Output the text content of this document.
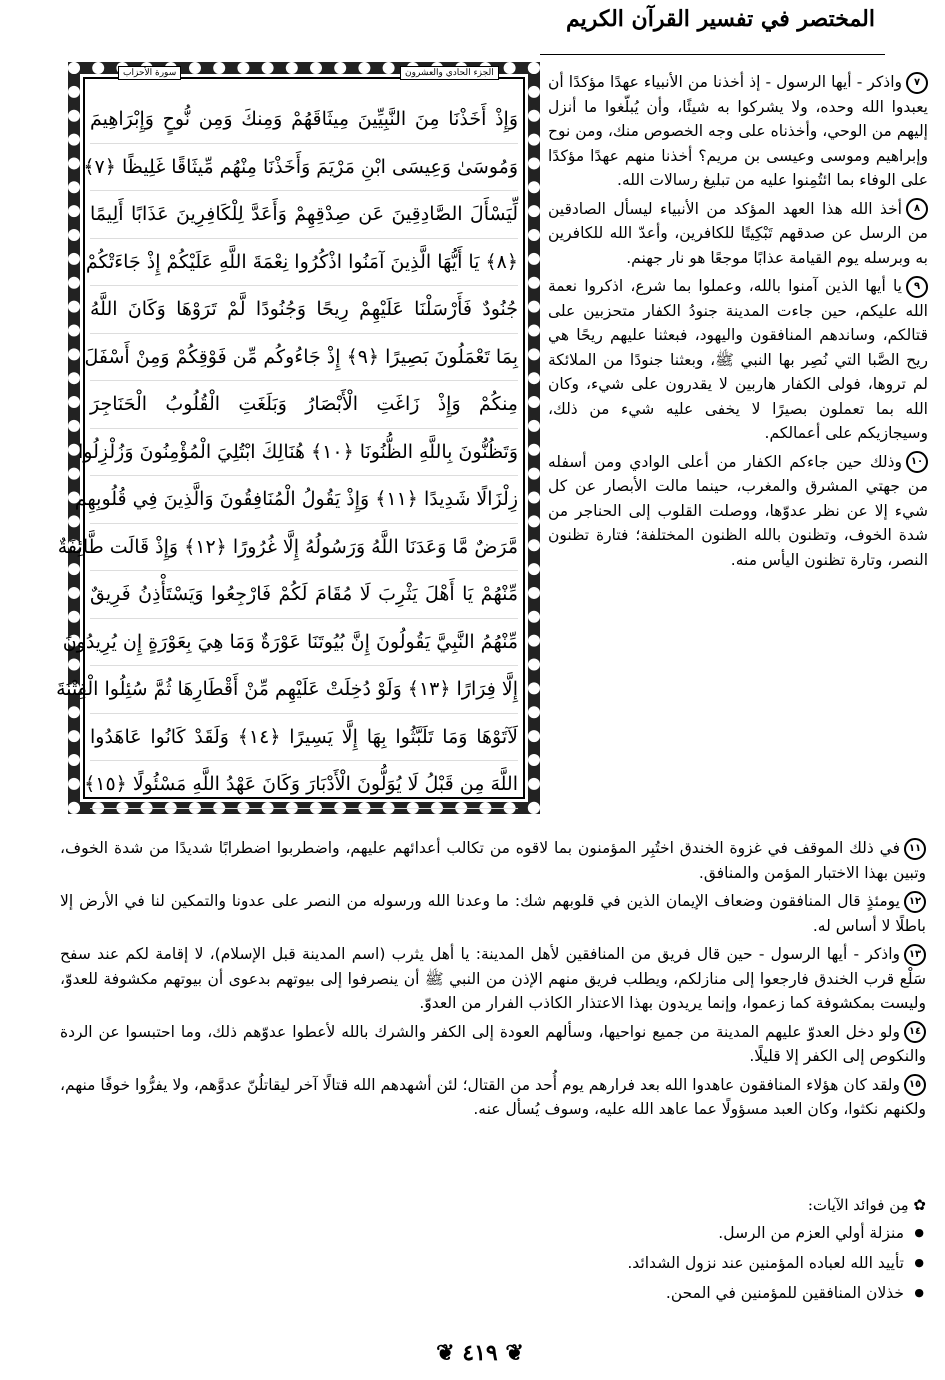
المختصر في تفسير القرآن الكريم
الجزء الحادي والعشرون
سورة الأحزاب
وَإِذْ أَخَذْنَا مِنَ النَّبِيِّينَ مِيثَاقَهُمْ وَمِنكَ وَمِن نُّوحٍ وَإِبْرَاهِيمَ
وَمُوسَىٰ وَعِيسَى ابْنِ مَرْيَمَ وَأَخَذْنَا مِنْهُم مِّيثَاقًا غَلِيظًا ﴿٧﴾
لِّيَسْأَلَ الصَّادِقِينَ عَن صِدْقِهِمْ وَأَعَدَّ لِلْكَافِرِينَ عَذَابًا أَلِيمًا
﴿٨﴾ يَا أَيُّهَا الَّذِينَ آمَنُوا اذْكُرُوا نِعْمَةَ اللَّهِ عَلَيْكُمْ إِذْ جَاءَتْكُمْ
جُنُودٌ فَأَرْسَلْنَا عَلَيْهِمْ رِيحًا وَجُنُودًا لَّمْ تَرَوْهَا وَكَانَ اللَّهُ
بِمَا تَعْمَلُونَ بَصِيرًا ﴿٩﴾ إِذْ جَاءُوكُم مِّن فَوْقِكُمْ وَمِنْ أَسْفَلَ
مِنكُمْ وَإِذْ زَاغَتِ الْأَبْصَارُ وَبَلَغَتِ الْقُلُوبُ الْحَنَاجِرَ
وَتَظُنُّونَ بِاللَّهِ الظُّنُونَا ﴿١٠﴾ هُنَالِكَ ابْتُلِيَ الْمُؤْمِنُونَ وَزُلْزِلُوا
زِلْزَالًا شَدِيدًا ﴿١١﴾ وَإِذْ يَقُولُ الْمُنَافِقُونَ وَالَّذِينَ فِي قُلُوبِهِم
مَّرَضٌ مَّا وَعَدَنَا اللَّهُ وَرَسُولُهُ إِلَّا غُرُورًا ﴿١٢﴾ وَإِذْ قَالَت طَّائِفَةٌ
مِّنْهُمْ يَا أَهْلَ يَثْرِبَ لَا مُقَامَ لَكُمْ فَارْجِعُوا وَيَسْتَأْذِنُ فَرِيقٌ
مِّنْهُمُ النَّبِيَّ يَقُولُونَ إِنَّ بُيُوتَنَا عَوْرَةٌ وَمَا هِيَ بِعَوْرَةٍ إِن يُرِيدُونَ
إِلَّا فِرَارًا ﴿١٣﴾ وَلَوْ دُخِلَتْ عَلَيْهِم مِّنْ أَقْطَارِهَا ثُمَّ سُئِلُوا الْفِتْنَةَ
لَآتَوْهَا وَمَا تَلَبَّثُوا بِهَا إِلَّا يَسِيرًا ﴿١٤﴾ وَلَقَدْ كَانُوا عَاهَدُوا
اللَّهَ مِن قَبْلُ لَا يُوَلُّونَ الْأَدْبَارَ وَكَانَ عَهْدُ اللَّهِ مَسْئُولًا ﴿١٥﴾

٧واذكر - أيها الرسول - إذ أخذنا من الأنبياء عهدًا مؤكدًا أن يعبدوا الله وحده، ولا يشركوا به شيئًا، وأن يُبلّغوا ما أنزل إليهم من الوحي، وأخذناه على وجه الخصوص منك، ومن نوح وإبراهيم وموسى وعيسى بن مريم؟ أخذنا منهم عهدًا مؤكدًا على الوفاء بما ائتُمِنوا عليه من تبليغ رسالات الله.

٨أخذ الله هذا العهد المؤكد من الأنبياء ليسأل الصادقين من الرسل عن صدقهم تَبْكِيتًا للكافرين، وأعدّ الله للكافرين به وبرسله يوم القيامة عذابًا موجعًا هو نار جهنم.

٩يا أيها الذين آمنوا بالله، وعملوا بما شرع، اذكروا نعمة الله عليكم، حين جاءت المدينة جنودُ الكفار متحزبين على قتالكم، وساندهم المنافقون واليهود، فبعثنا عليهم ريحًا هي ريح الصَّبا التي نُصِر بها النبي ﷺ، وبعثنا جنودًا من الملائكة لم تروها، فولى الكفار هاربين لا يقدرون على شيء، وكان الله بما تعملون بصيرًا لا يخفى عليه شيء من ذلك، وسيجازيكم على أعمالكم.

١٠وذلك حين جاءكم الكفار من أعلى الوادي ومن أسفله من جهتي المشرق والمغرب، حينما مالت الأبصار عن كل شيء إلا عن نظر عدوّها، ووصلت القلوب إلى الحناجر من شدة الخوف، وتظنون بالله الظنون المختلفة؛ فتارة تظنون النصر، وتارة تظنون اليأس منه.

١١في ذلك الموقف في غزوة الخندق اختُبِر المؤمنون بما لاقوه من تكالب أعدائهم عليهم، واضطربوا اضطرابًا شديدًا من شدة الخوف، وتبين بهذا الاختبار المؤمن والمنافق.

١٢يومئذٍ قال المنافقون وضعاف الإيمان الذين في قلوبهم شك: ما وعدنا الله ورسوله من النصر على عدونا والتمكين لنا في الأرض إلا باطلًا لا أساس له.

١٣واذكر - أيها الرسول - حين قال فريق من المنافقين لأهل المدينة: يا أهل يثرب (اسم المدينة قبل الإسلام)، لا إقامة لكم عند سفح سَلْع قرب الخندق فارجعوا إلى منازلكم، ويطلب فريق منهم الإذن من النبي ﷺ أن ينصرفوا إلى بيوتهم بدعوى أن بيوتهم مكشوفة للعدوّ، وليست بمكشوفة كما زعموا، وإنما يريدون بهذا الاعتذار الكاذب الفرار من العدوّ.

١٤ولو دخل العدوّ عليهم المدينة من جميع نواحيها، وسألهم العودة إلى الكفر والشرك بالله لأعطوا عدوّهم ذلك، وما احتبسوا عن الردة والنكوص إلى الكفر إلا قليلًا.

١٥ولقد كان هؤلاء المنافقون عاهدوا الله بعد فرارهم يوم أُحد من القتال؛ لئن أشهدهم الله قتالًا آخر ليقاتلُنّ عدوَّهم، ولا يفرُّوا خوفًا منهم، ولكنهم نكثوا، وكان العبد مسؤولًا عما عاهد الله عليه، وسوف يُسأل عنه.

✿ مِن فوائد الآيات:
● منزلة أولي العزم من الرسل.
● تأييد الله لعباده المؤمنين عند نزول الشدائد.
● خذلان المنافقين للمؤمنين في المحن.
❦ ٤١٩ ❦
